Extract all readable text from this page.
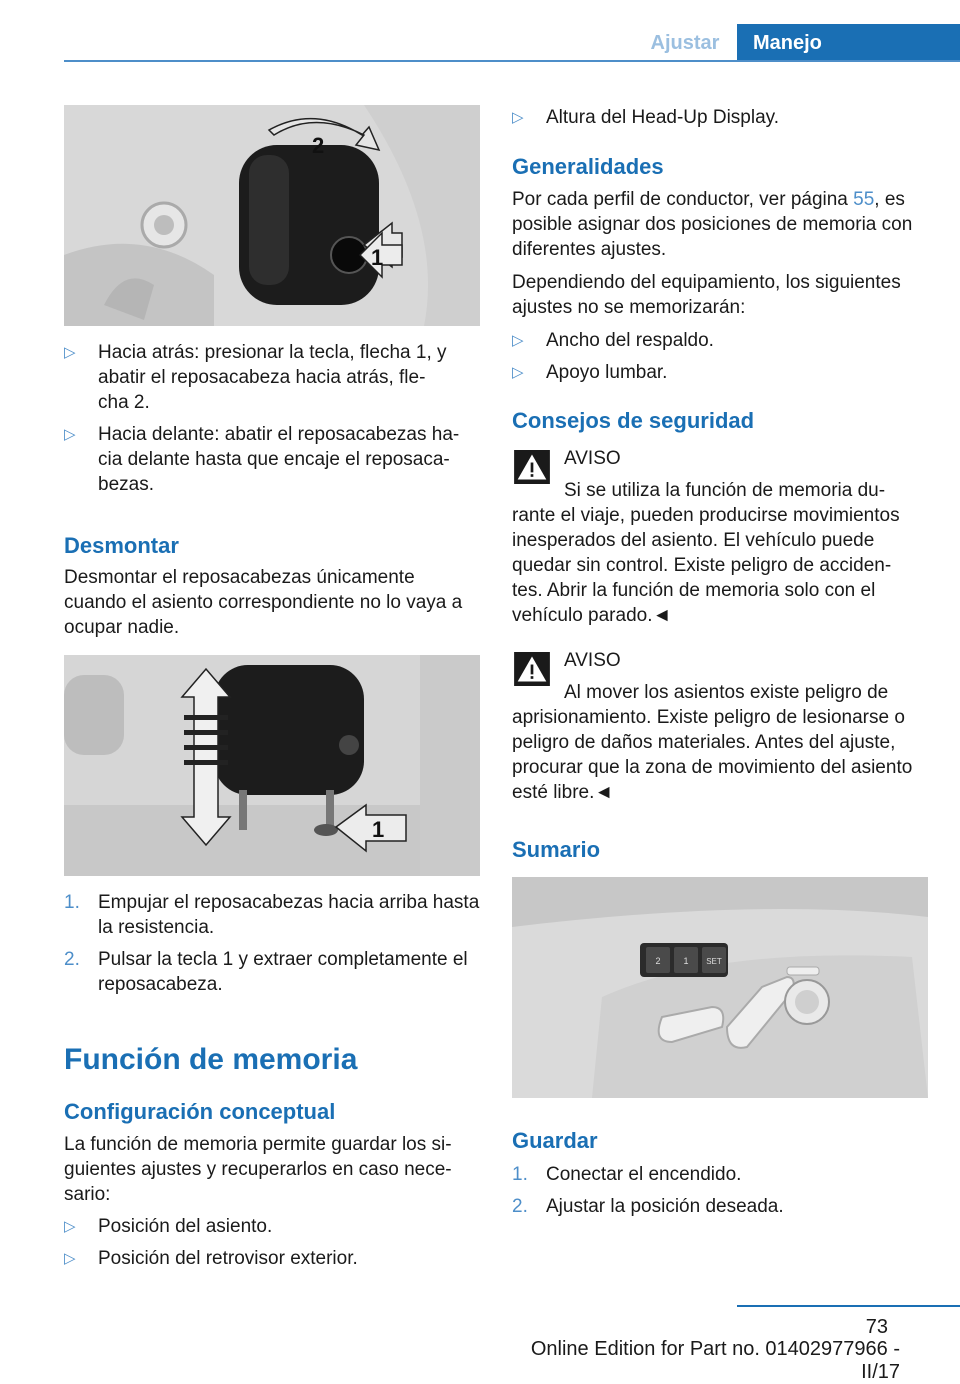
Ajustar	Manejo
2
1
▷ Hacia atrás: presionar la tecla, flecha 1, y abatir el reposacabeza hacia atrás, fle-
cha 2.
▷ Hacia delante: abatir el reposacabezas ha-
cia delante hasta que encaje el reposaca-
bezas.
Desmontar
Desmontar el reposacabezas únicamente cuando el asiento correspondiente no lo vaya a ocupar nadie.
1
1. Empujar el reposacabezas hacia arriba hasta la resistencia.
2. Pulsar la tecla 1 y extraer completamente el reposacabeza.
Función de memoria
Configuración conceptual
La función de memoria permite guardar los si-
guientes ajustes y recuperarlos en caso nece-
sario:
▷ Posición del asiento.
▷ Posición del retrovisor exterior.
▷ Altura del Head-Up Display.
Generalidades
Por cada perfil de conductor, ver página 55, es posible asignar dos posiciones de memoria con diferentes ajustes.
Dependiendo del equipamiento, los siguientes ajustes no se memorizarán:
▷ Ancho del respaldo.
▷ Apoyo lumbar.
Consejos de seguridad
AVISO
Si se utiliza la función de memoria du-
rante el viaje, pueden producirse movimientos inesperados del asiento. El vehículo puede quedar sin control. Existe peligro de acciden-
tes. Abrir la función de memoria solo con el vehículo parado.◄
AVISO
Al mover los asientos existe peligro de aprisionamiento. Existe peligro de lesionarse o peligro de daños materiales. Antes del ajuste, procurar que la zona de movimiento del asiento esté libre.◄
Sumario
2	1 SET
Guardar
1. Conectar el encendido.
2. Ajustar la posición deseada.
73
Online Edition for Part no. 01402977966 - II/17
